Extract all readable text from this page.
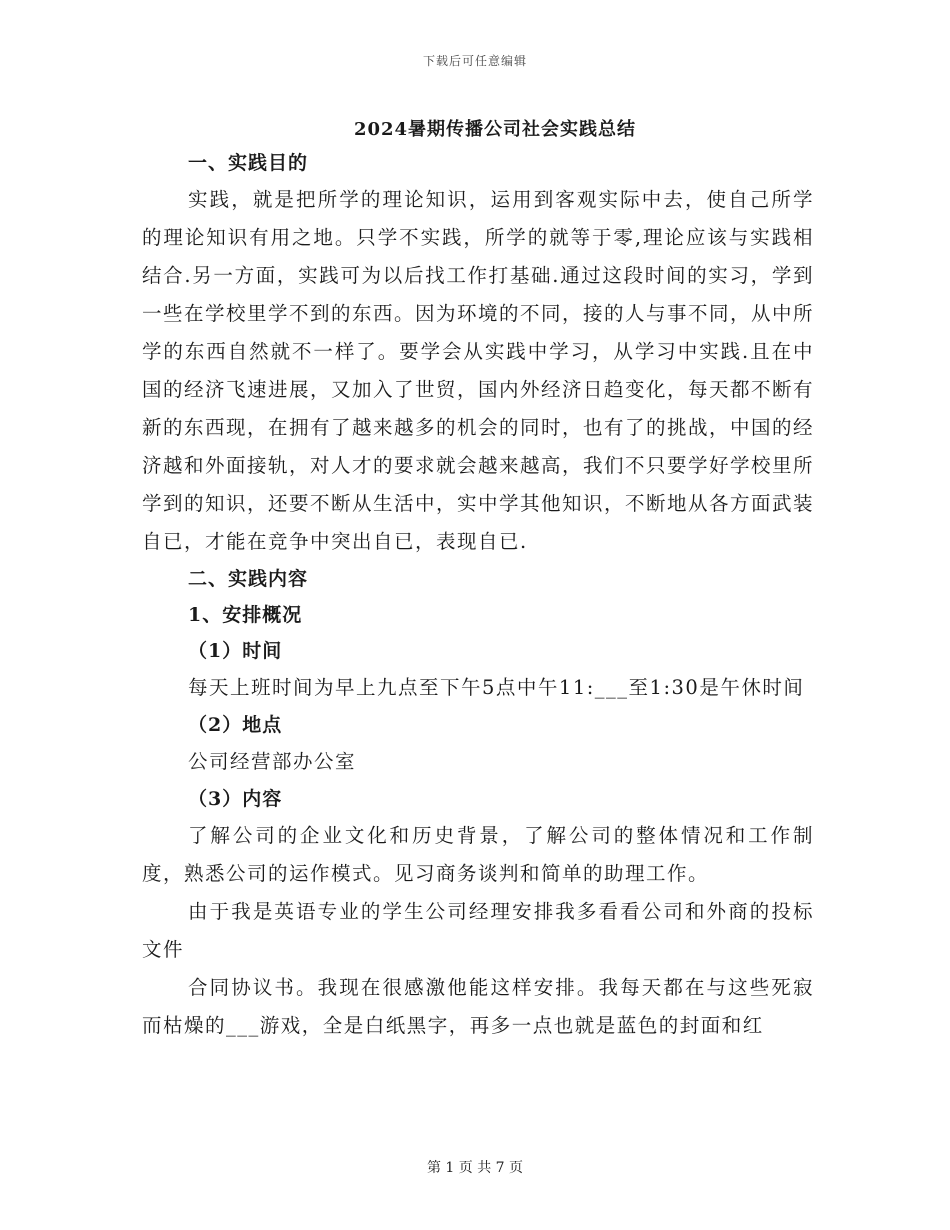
下载后可任意编辑
2024暑期传播公司社会实践总结
一、实践目的

实践，就是把所学的理论知识，运用到客观实际中去，使自己所学的理论知识有用之地。只学不实践，所学的就等于零,理论应该与实践相结合.另一方面，实践可为以后找工作打基础.通过这段时间的实习，学到一些在学校里学不到的东西。因为环境的不同，接的人与事不同，从中所学的东西自然就不一样了。要学会从实践中学习，从学习中实践.且在中国的经济飞速进展，又加入了世贸，国内外经济日趋变化，每天都不断有新的东西现，在拥有了越来越多的机会的同时，也有了的挑战，中国的经济越和外面接轨，对人才的要求就会越来越高，我们不只要学好学校里所学到的知识，还要不断从生活中，实中学其他知识，不断地从各方面武装自已，才能在竞争中突出自已，表现自已.

二、实践内容
1、安排概况
（1）时间

每天上班时间为早上九点至下午5点中午11:___至1:30是午休时间

（2）地点

公司经营部办公室

（3）内容

了解公司的企业文化和历史背景，了解公司的整体情况和工作制度，熟悉公司的运作模式。见习商务谈判和简单的助理工作。

由于我是英语专业的学生公司经理安排我多看看公司和外商的投标文件

合同协议书。我现在很感激他能这样安排。我每天都在与这些死寂而枯燥的___游戏，全是白纸黑字，再多一点也就是蓝色的封面和红

第 1 页 共 7 页
